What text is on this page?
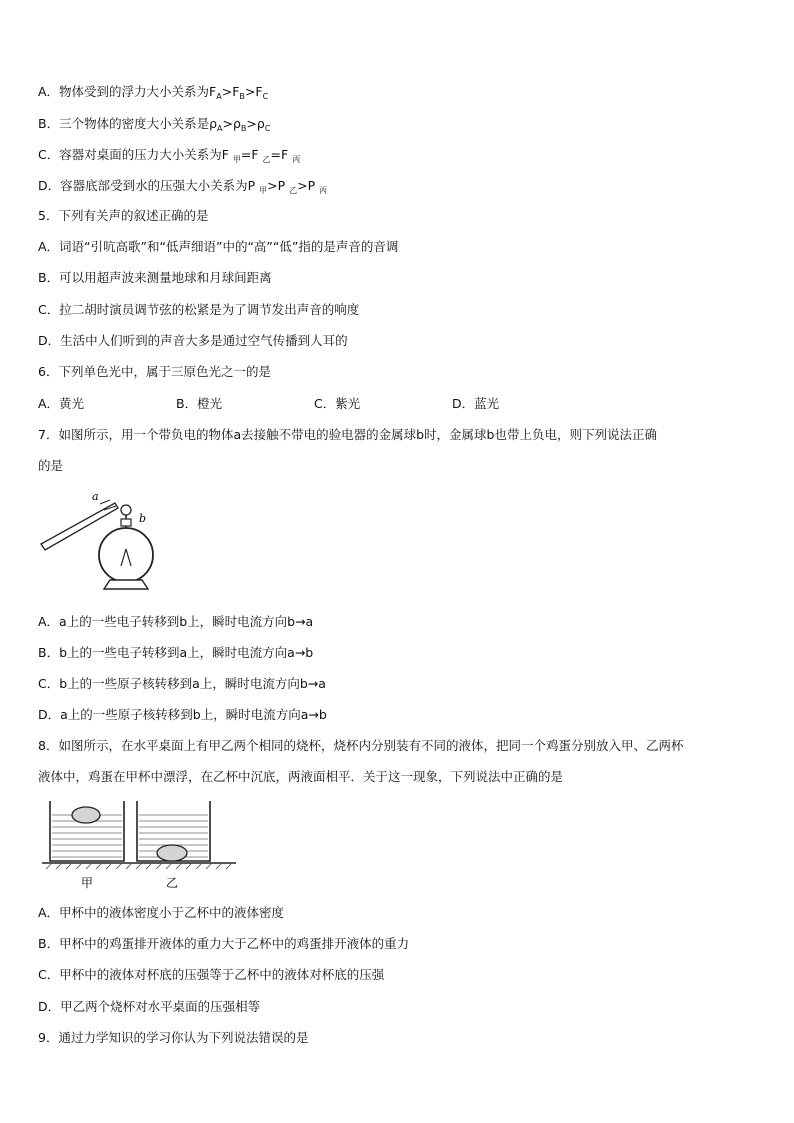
A．物体受到的浮力大小关系为$F_A>F_B>F_C$
B．三个物体的密度大小关系是$\rho_A>\rho_B>\rho_C$
C．容器对桌面的压力大小关系为F $_甲$=F $_乙$=F $_丙$
D．容器底部受到水的压强大小关系为P $_甲$>P $_乙$>P $_丙$
5．下列有关声的叙述正确的是
A．词语“引吭高歌”和“低声细语”中的“高”“低”指的是声音的音调
B．可以用超声波来测量地球和月球间距离
C．拉二胡时演员调节弦的松紧是为了调节发出声音的响度
D．生活中人们听到的声音大多是通过空气传播到人耳的
6．下列单色光中，属于三原色光之一的是
A．黄光	B．橙光	C．紫光	D．蓝光
7．如图所示，用一个带负电的物体a去接触不带电的验电器的金属球b时，金属球b也带上负电，则下列说法正确
的是
a
b
A．a上的一些电子转移到b上，瞬时电流方向b→a
B．b上的一些电子转移到a上，瞬时电流方向a→b
C．b上的一些原子核转移到a上，瞬时电流方向b→a
D．a上的一些原子核转移到b上，瞬时电流方向a→b
8．如图所示，在水平桌面上有甲乙两个相同的烧杯，烧杯内分别装有不同的液体，把同一个鸡蛋分别放入甲、乙两杯
液体中，鸡蛋在甲杯中漂浮，在乙杯中沉底，两液面相平．关于这一现象，下列说法中正确的是
甲	乙
A．甲杯中的液体密度小于乙杯中的液体密度
B．甲杯中的鸡蛋排开液体的重力大于乙杯中的鸡蛋排开液体的重力
C．甲杯中的液体对杯底的压强等于乙杯中的液体对杯底的压强
D．甲乙两个烧杯对水平桌面的压强相等
9．通过力学知识的学习你认为下列说法错误的是
